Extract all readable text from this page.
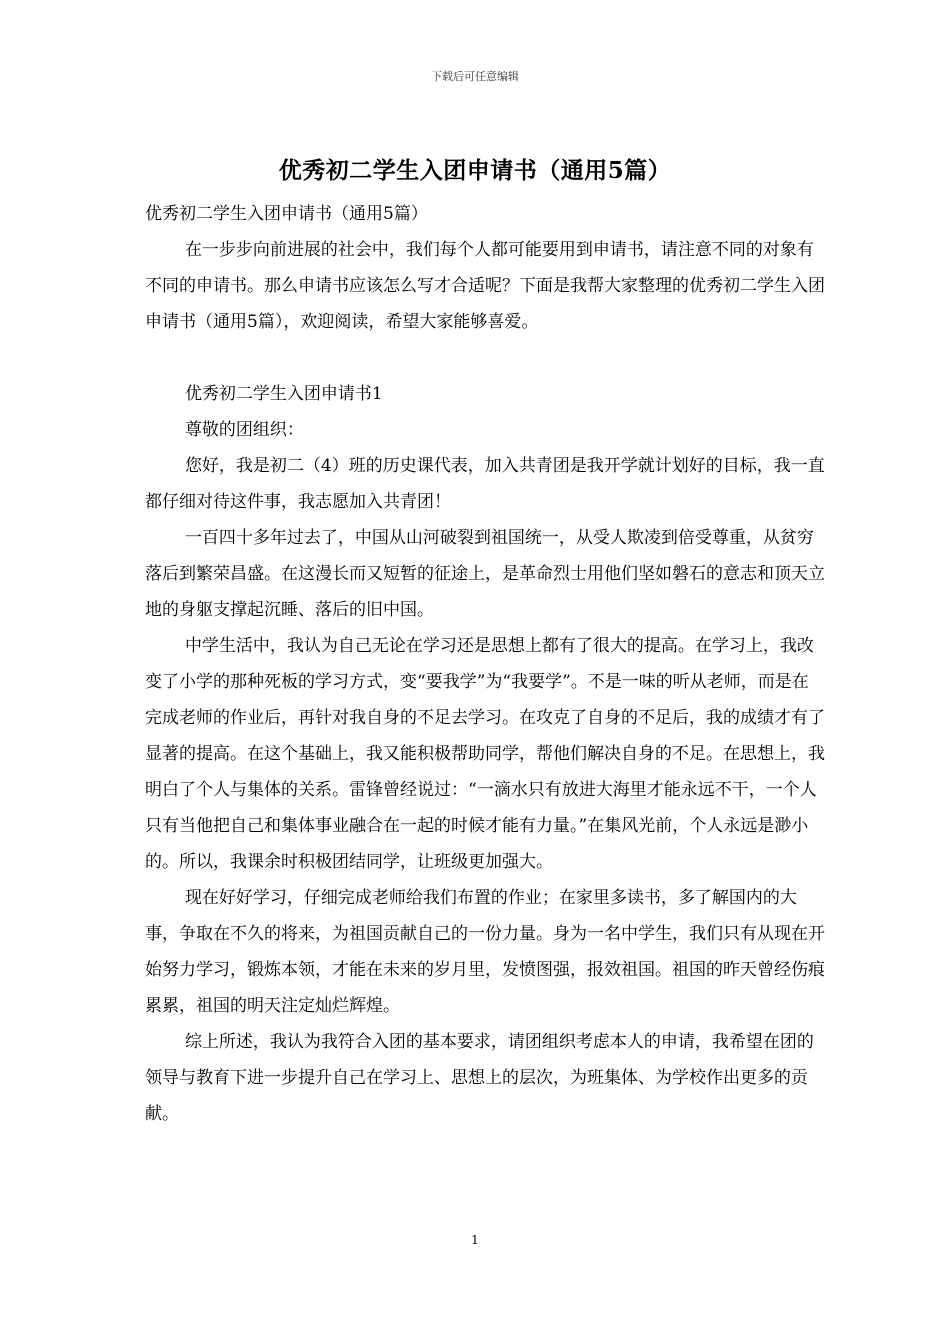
下载后可任意编辑
优秀初二学生入团申请书（通用5篇）

优秀初二学生入团申请书（通用5篇）

在一步步向前进展的社会中，我们每个人都可能要用到申请书，请注意不同的对象有不同的申请书。那么申请书应该怎么写才合适呢？下面是我帮大家整理的优秀初二学生入团申请书（通用5篇），欢迎阅读，希望大家能够喜爱。

优秀初二学生入团申请书1

尊敬的团组织：

您好，我是初二（4）班的历史课代表，加入共青团是我开学就计划好的目标，我一直都仔细对待这件事，我志愿加入共青团！

一百四十多年过去了，中国从山河破裂到祖国统一，从受人欺凌到倍受尊重，从贫穷落后到繁荣昌盛。在这漫长而又短暂的征途上，是革命烈士用他们坚如磐石的意志和顶天立地的身躯支撑起沉睡、落后的旧中国。

中学生活中，我认为自己无论在学习还是思想上都有了很大的提高。在学习上，我改变了小学的那种死板的学习方式，变“要我学”为“我要学”。不是一味的听从老师，而是在完成老师的作业后，再针对我自身的不足去学习。在攻克了自身的不足后，我的成绩才有了显著的提高。在这个基础上，我又能积极帮助同学，帮他们解决自身的不足。在思想上，我明白了个人与集体的关系。雷锋曾经说过：“一滴水只有放进大海里才能永远不干，一个人只有当他把自己和集体事业融合在一起的时候才能有力量。”在集风光前，个人永远是渺小的。所以，我课余时积极团结同学，让班级更加强大。

现在好好学习，仔细完成老师给我们布置的作业；在家里多读书，多了解国内的大事，争取在不久的将来，为祖国贡献自己的一份力量。身为一名中学生，我们只有从现在开始努力学习，锻炼本领，才能在未来的岁月里，发愤图强，报效祖国。祖国的昨天曾经伤痕累累，祖国的明天注定灿烂辉煌。

综上所述，我认为我符合入团的基本要求，请团组织考虑本人的申请，我希望在团的领导与教育下进一步提升自己在学习上、思想上的层次，为班集体、为学校作出更多的贡献。

1
